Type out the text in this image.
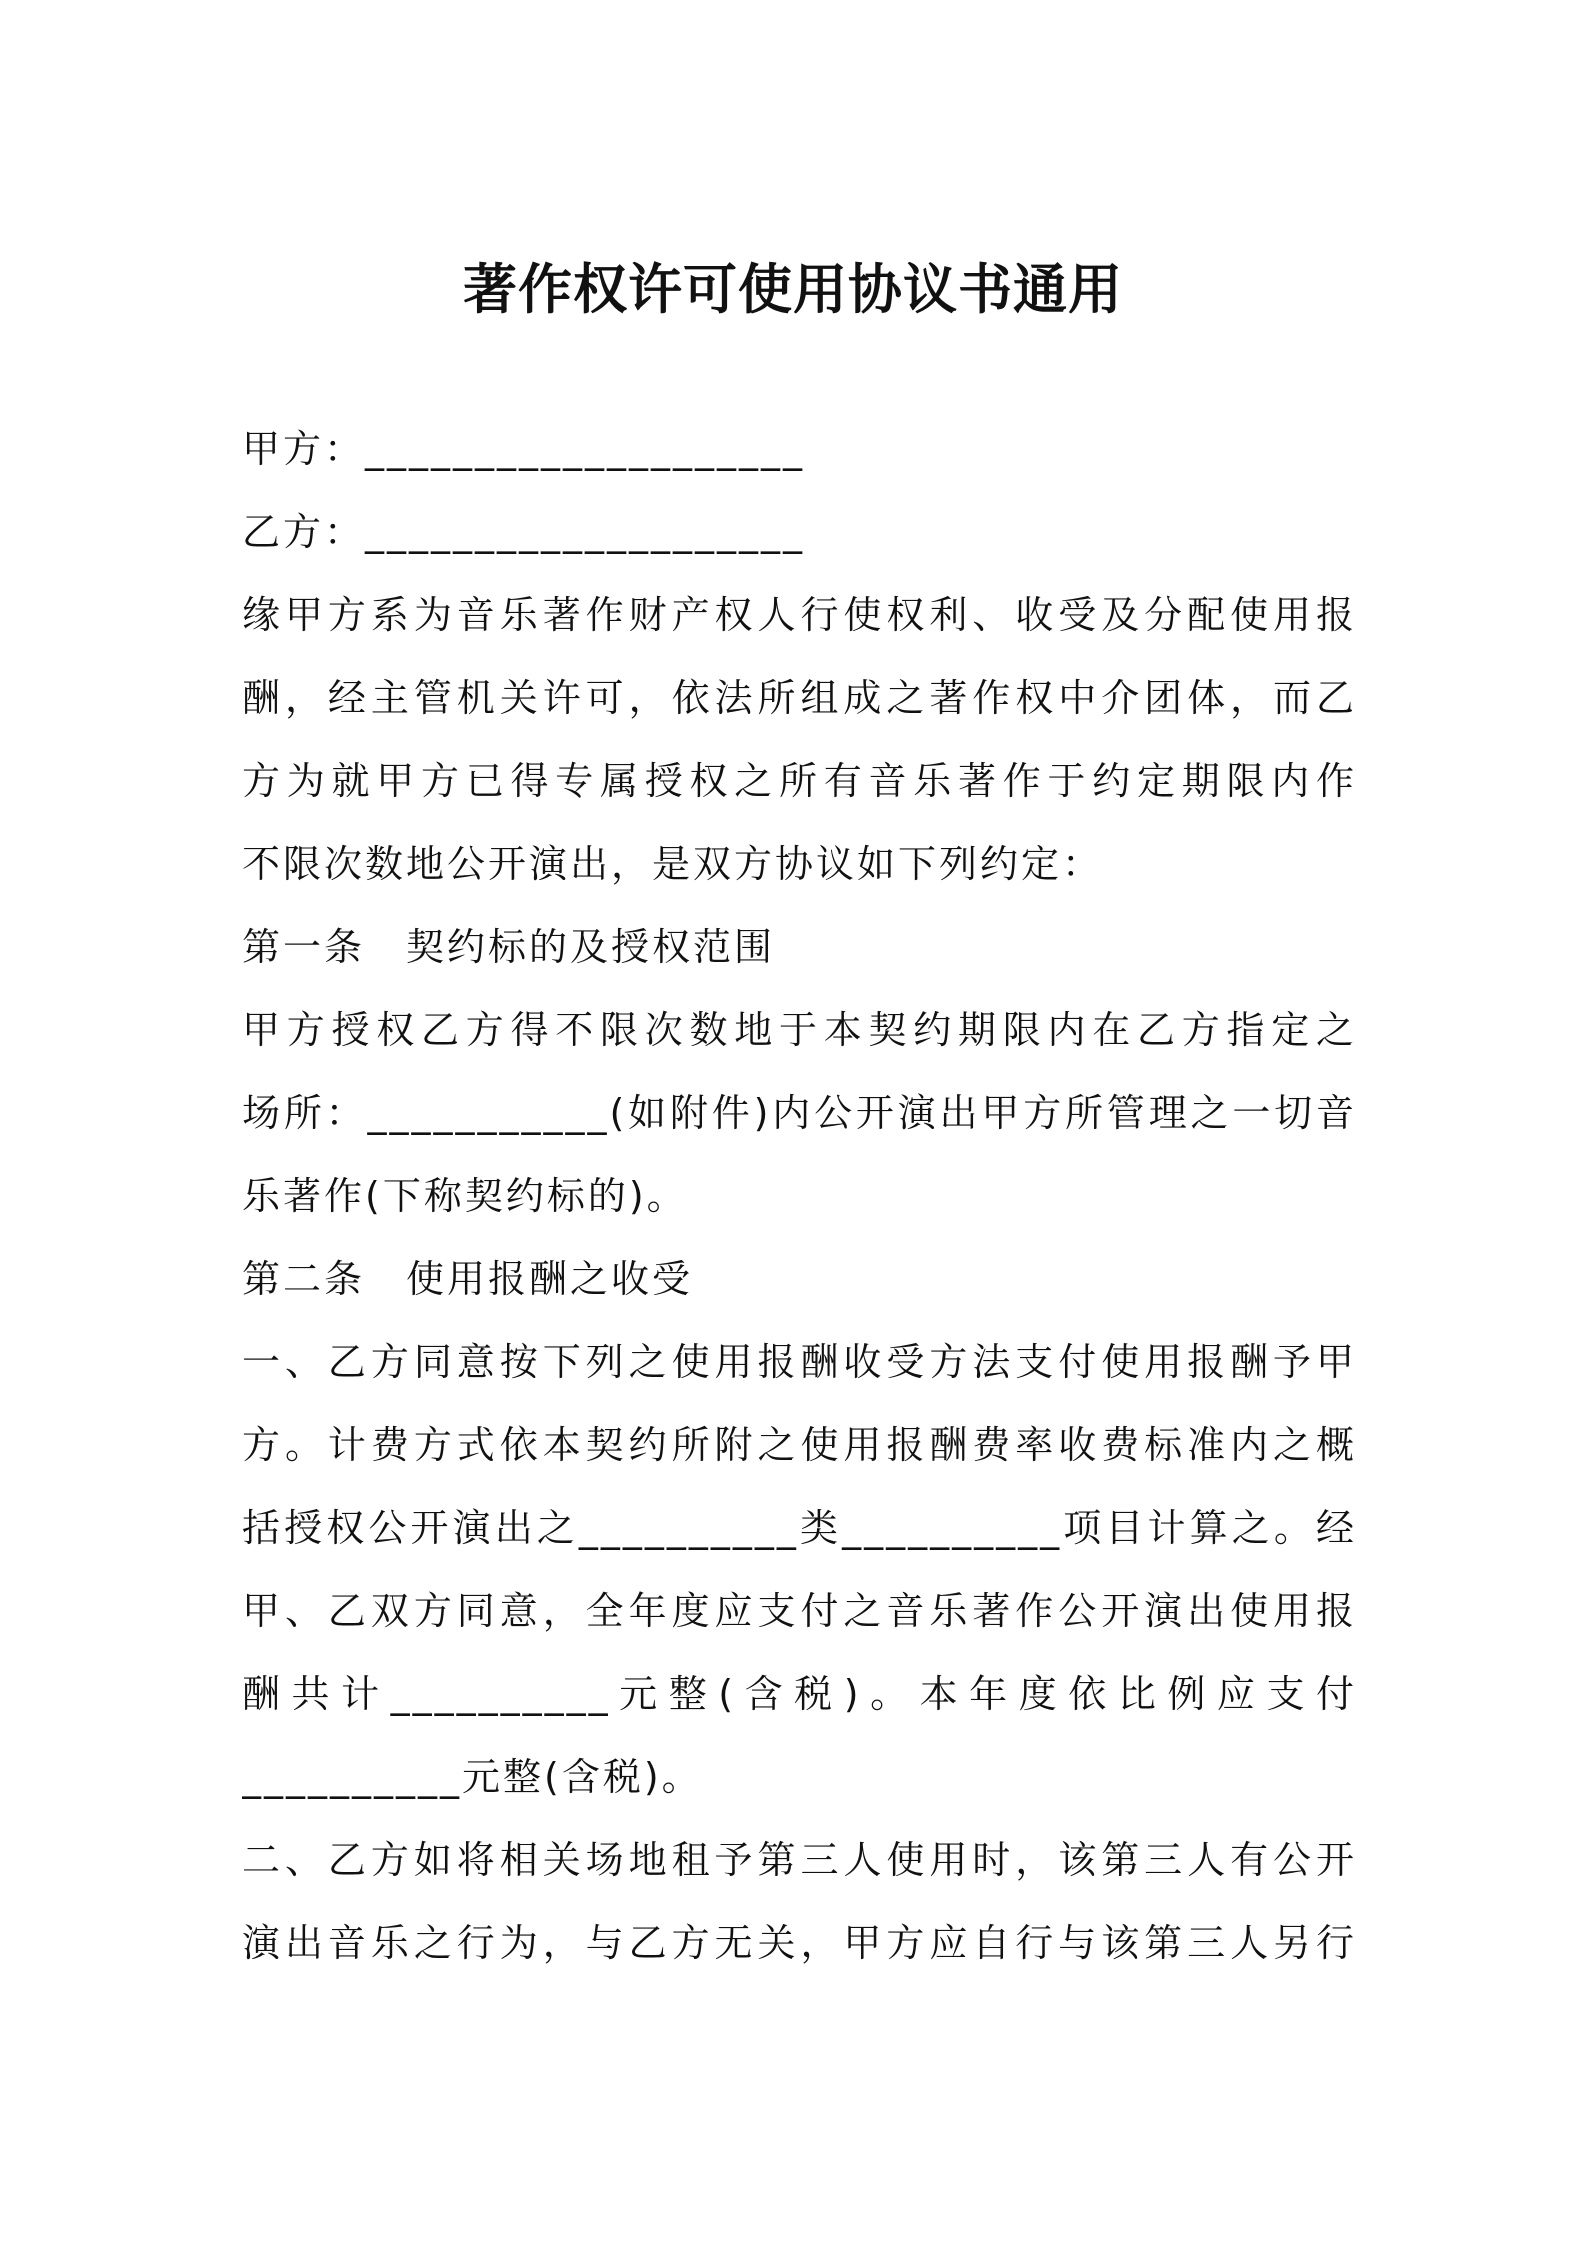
著作权许可使用协议书通用
甲方：____________________
乙方：____________________
缘甲方系为音乐著作财产权人行使权利、收受及分配使用报
酬，经主管机关许可，依法所组成之著作权中介团体，而乙
方为就甲方已得专属授权之所有音乐著作于约定期限内作
不限次数地公开演出，是双方协议如下列约定：
第一条　契约标的及授权范围
甲方授权乙方得不限次数地于本契约期限内在乙方指定之
场所：___________(如附件)内公开演出甲方所管理之一切音
乐著作(下称契约标的)。
第二条　使用报酬之收受
一、乙方同意按下列之使用报酬收受方法支付使用报酬予甲
方。计费方式依本契约所附之使用报酬费率收费标准内之概
括授权公开演出之__________类__________项目计算之。经
甲、乙双方同意，全年度应支付之音乐著作公开演出使用报
酬共计__________元整(含税)。本年度依比例应支付
__________元整(含税)。
二、乙方如将相关场地租予第三人使用时，该第三人有公开
演出音乐之行为，与乙方无关，甲方应自行与该第三人另行
